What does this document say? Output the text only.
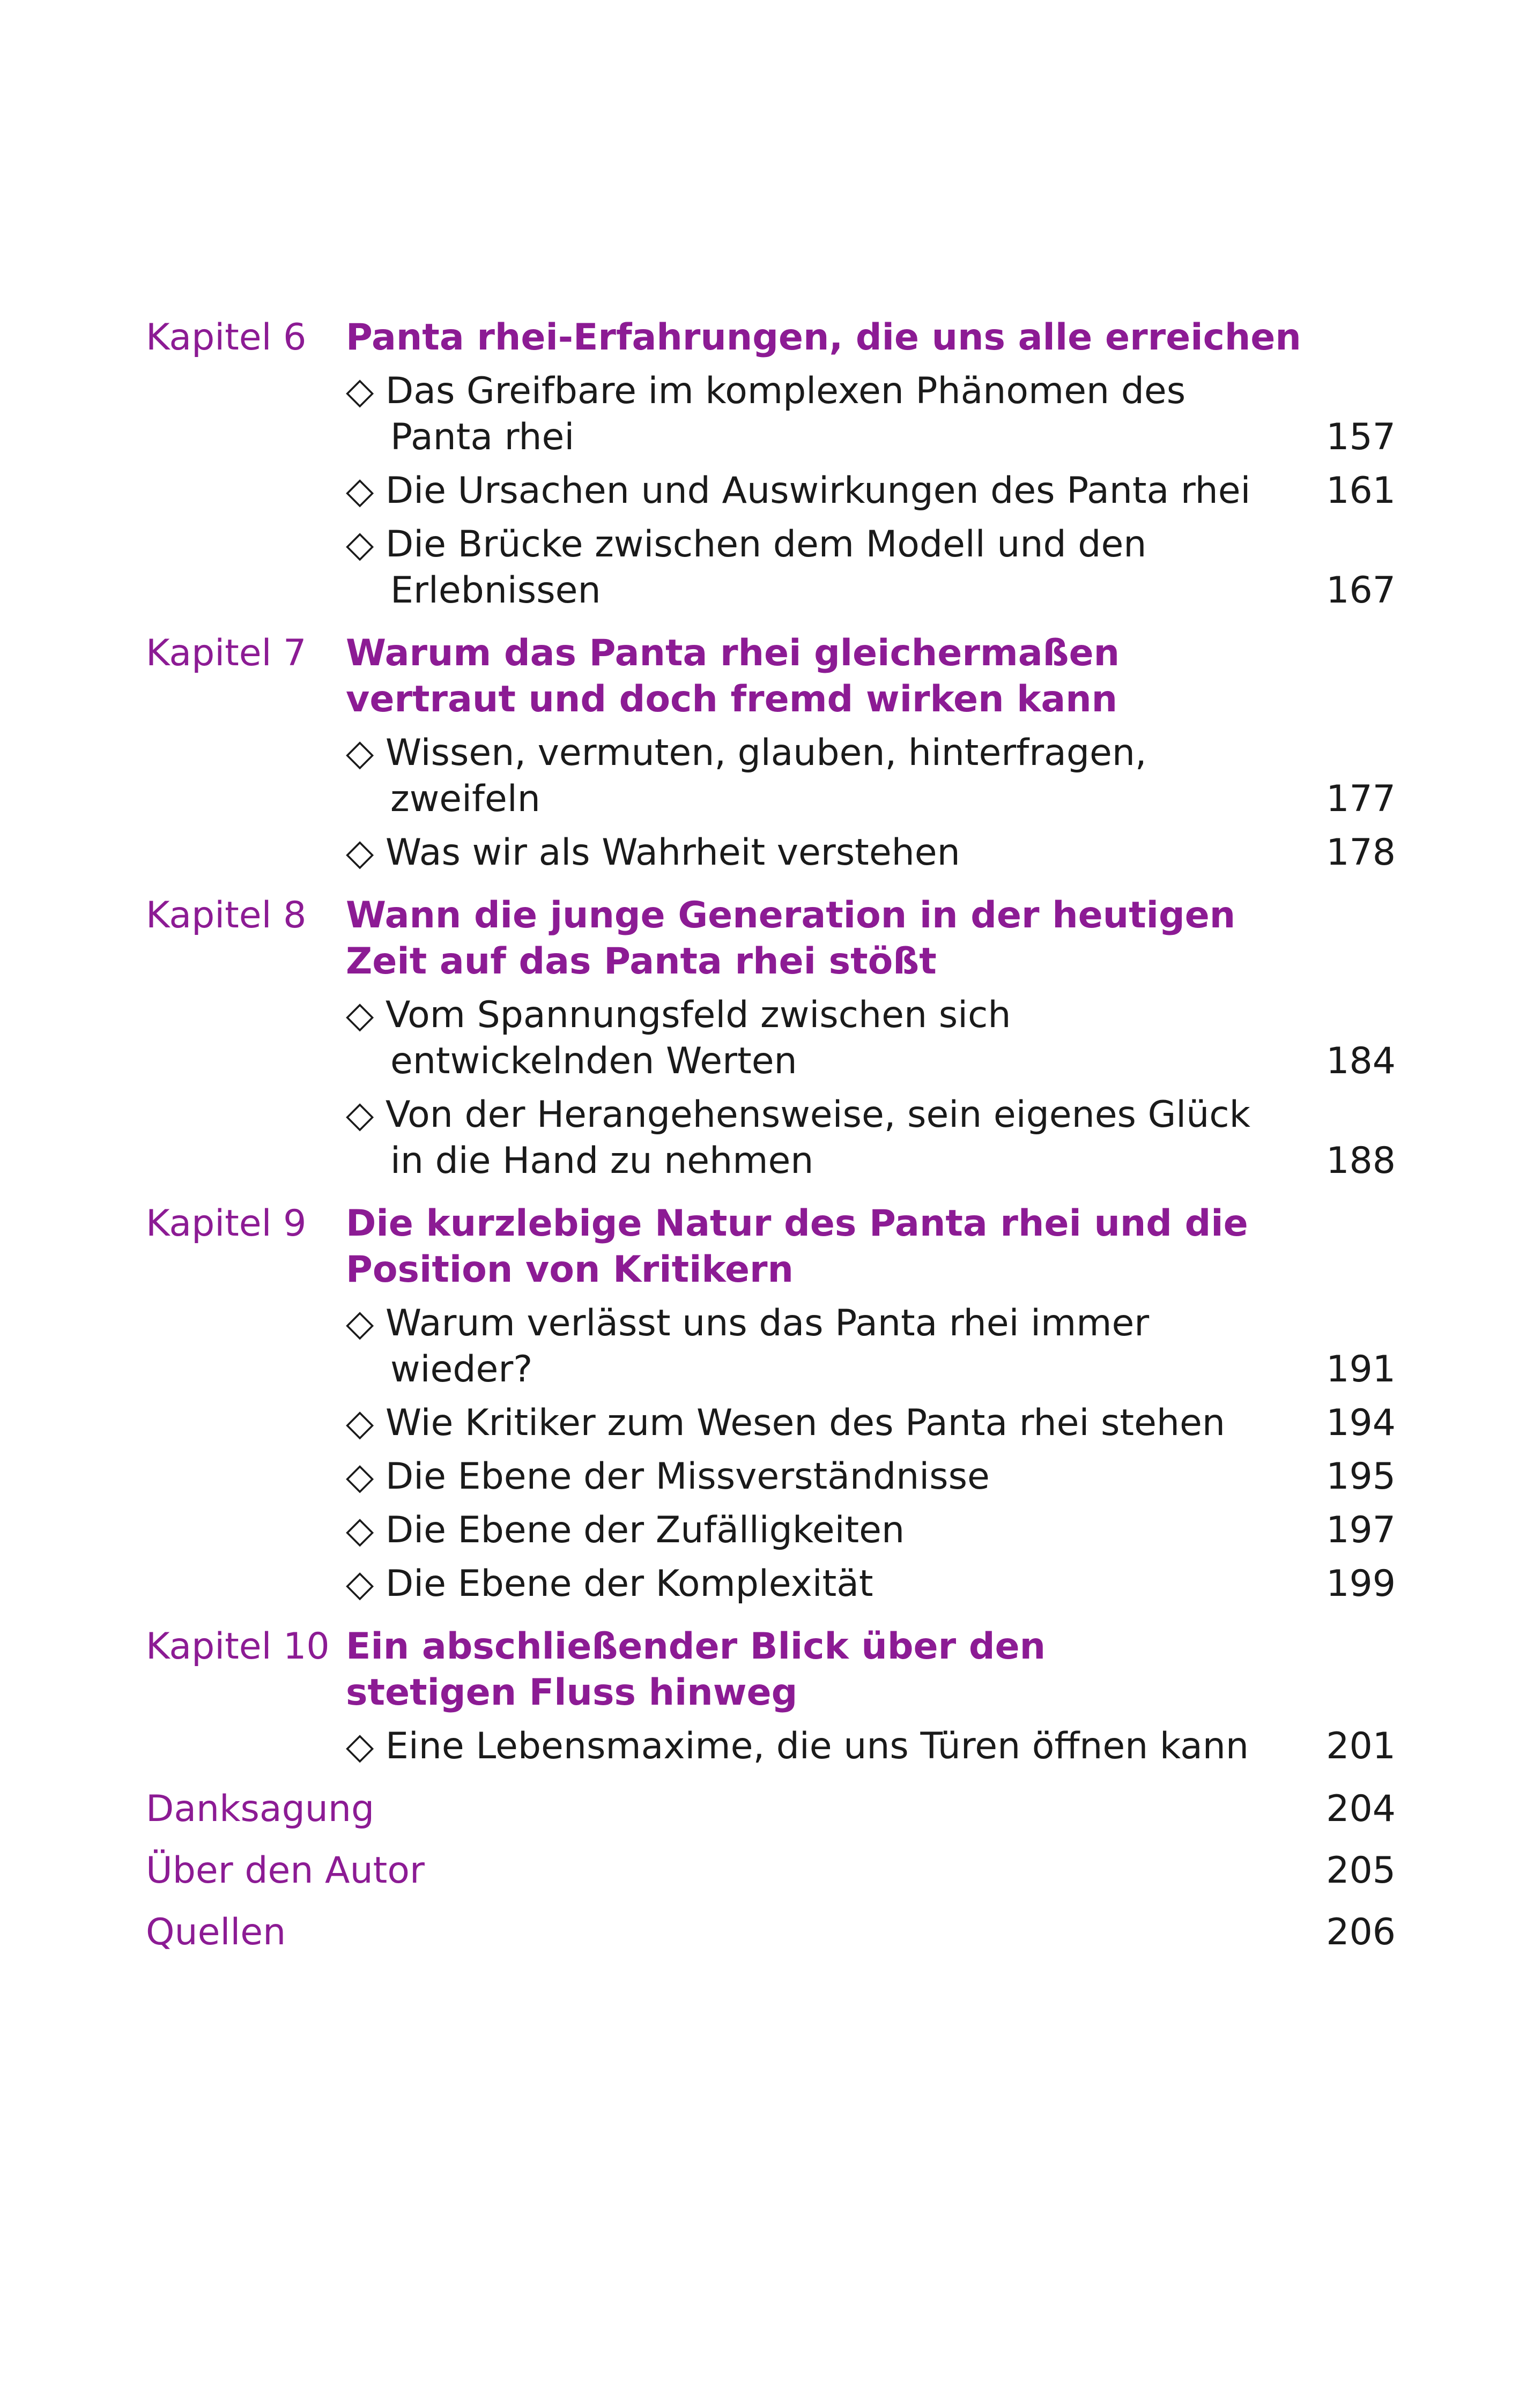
Kapitel 6 Panta rhei-Erfahrungen, die uns alle erreichen
◇ Das Greifbare im komplexen Phänomen des
Panta rhei	157
◇ Die Ursachen und Auswirkungen des Panta rhei 161
◇ Die Brücke zwischen dem Modell und den
Erlebnissen	167
Kapitel 7 Warum das Panta rhei gleichermaßen
vertraut und doch fremd wirken kann
◇ Wissen, vermuten, glauben, hinterfragen,
zweifeln	177
◇ Was wir als Wahrheit verstehen	178
Kapitel 8 Wann die junge Generation in der heutigen
Zeit auf das Panta rhei stößt
◇ Vom Spannungsfeld zwischen sich
entwickelnden Werten	184
◇ Von der Herangehensweise, sein eigenes Glück
in die Hand zu nehmen	188
Kapitel 9 Die kurzlebige Natur des Panta rhei und die
Position von Kritikern
◇ Warum verlässt uns das Panta rhei immer
wieder?	191
◇ Wie Kritiker zum Wesen des Panta rhei stehen	194
◇ Die Ebene der Missverständnisse	195
◇ Die Ebene der Zufälligkeiten	197
◇ Die Ebene der Komplexität	199
Kapitel 10 Ein abschließender Blick über den
stetigen Fluss hinweg
◇ Eine Lebensmaxime, die uns Türen öffnen kann 201
Danksagung	204
Über den Autor	205
Quellen	206
